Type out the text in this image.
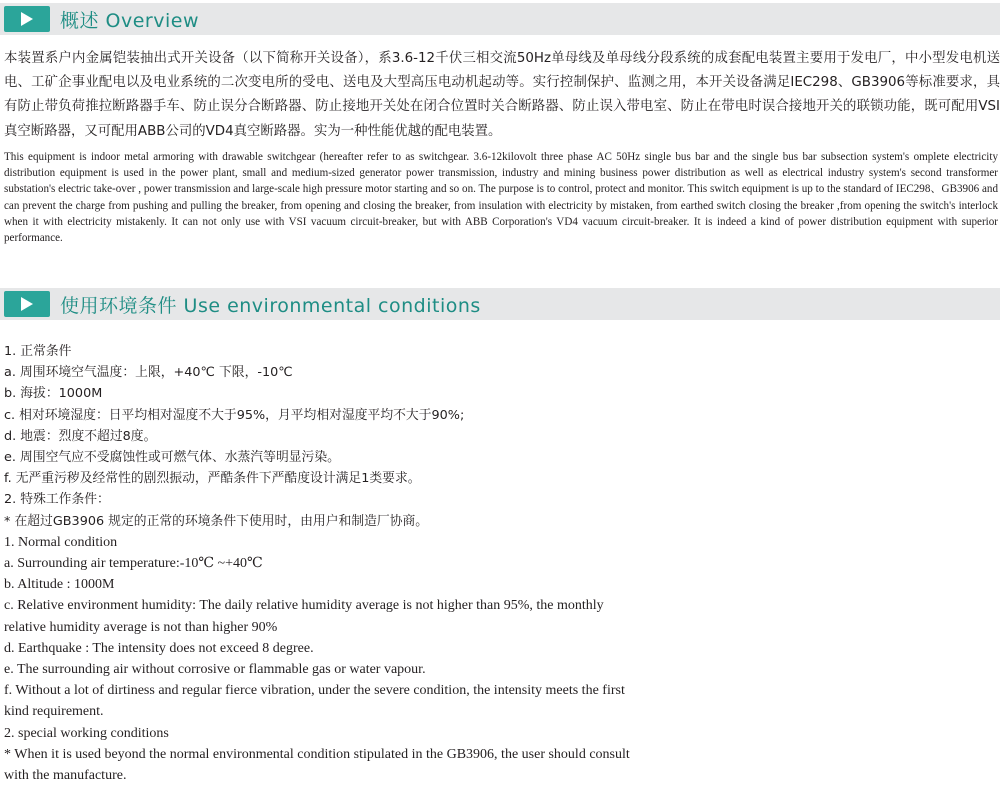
概述 Overview

本装置系户内金属铠装抽出式开关设备（以下简称开关设备），系3.6-12千伏三相交流50Hz单母线及单母线分段系统的成套配电装置主要用于发电厂，中小型发电机送电、工矿企事业配电以及电业系统的二次变电所的受电、送电及大型高压电动机起动等。实行控制保护、监测之用，本开关设备满足IEC298、GB3906等标准要求，具有防止带负荷推拉断路器手车、防止误分合断路器、防止接地开关处在闭合位置时关合断路器、防止误入带电室、防止在带电时误合接地开关的联锁功能，既可配用VSI真空断路器，又可配用ABB公司的VD4真空断路器。实为一种性能优越的配电装置。

This equipment is indoor metal armoring with drawable switchgear (hereafter refer to as switchgear. 3.6-12kilovolt three phase AC 50Hz single bus bar and the single bus bar subsection system's omplete electricity distribution equipment is used in the power plant, small and medium-sized generator power transmission, industry and mining business power distribution as well as electrical industry system's second transformer substation's electric take-over , power transmission and large-scale high pressure motor starting and so on. The purpose is to control, protect and monitor. This switch equipment is up to the standard of IEC298、GB3906 and can prevent the charge from pushing and pulling the breaker, from opening and closing the breaker, from insulation with electricity by mistaken, from earthed switch closing the breaker ,from opening the switch's interlock when it with electricity mistakenly. It can not only use with VSI vacuum circuit-breaker, but with ABB Corporation's VD4 vacuum circuit-breaker. It is indeed a kind of power distribution equipment with superior performance.

使用环境条件 Use environmental conditions
1. 正常条件
a. 周围环境空气温度：上限，+40℃ 下限，-10℃
b. 海拔：1000M
c. 相对环境湿度：日平均相对湿度不大于95%，月平均相对湿度平均不大于90%;
d. 地震：烈度不超过8度。
e. 周围空气应不受腐蚀性或可燃气体、水蒸汽等明显污染。
f. 无严重污秽及经常性的剧烈振动，严酷条件下严酷度设计满足1类要求。
2. 特殊工作条件：
* 在超过GB3906 规定的正常的环境条件下使用时，由用户和制造厂协商。
1. Normal condition
a. Surrounding air temperature:-10℃ ~+40℃
b. Altitude : 1000M
c. Relative environment humidity: The daily relative humidity average is not higher than 95%, the monthly
relative humidity average is not than higher 90%
d. Earthquake : The intensity does not exceed 8 degree.
e. The surrounding air without corrosive or flammable gas or water vapour.
f. Without a lot of dirtiness and regular fierce vibration, under the severe condition, the intensity meets the first
kind requirement.
2. special working conditions
* When it is used beyond the normal environmental condition stipulated in the GB3906, the user should consult
with the manufacture.
